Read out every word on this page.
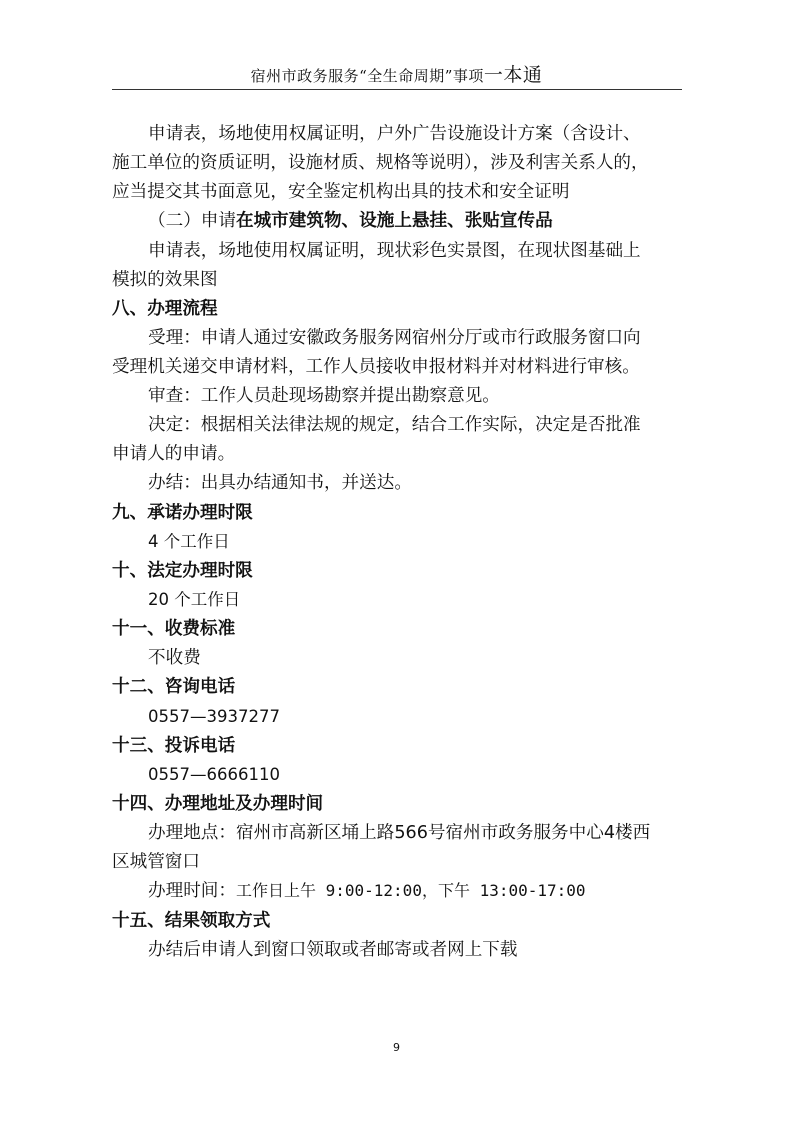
宿州市政务服务“全生命周期”事项一本通
申请表，场地使用权属证明，户外广告设施设计方案（含设计、
施工单位的资质证明，设施材质、规格等说明），涉及利害关系人的，
应当提交其书面意见，安全鉴定机构出具的技术和安全证明
（二）申请在城市建筑物、设施上悬挂、张贴宣传品
申请表，场地使用权属证明，现状彩色实景图，在现状图基础上
模拟的效果图
八、办理流程
受理：申请人通过安徽政务服务网宿州分厅或市行政服务窗口向
受理机关递交申请材料，工作人员接收申报材料并对材料进行审核。
审查：工作人员赴现场勘察并提出勘察意见。
决定：根据相关法律法规的规定，结合工作实际，决定是否批准
申请人的申请。
办结：出具办结通知书，并送达。
九、承诺办理时限
4 个工作日
十、法定办理时限
20 个工作日
十一、收费标准
不收费
十二、咨询电话
0557—3937277
十三、投诉电话
0557—6666110
十四、办理地址及办理时间
办理地点：宿州市高新区埇上路566号宿州市政务服务中心4楼西
区城管窗口
办理时间：工作日上午 9:00-12:00，下午 13:00-17:00
十五、结果领取方式
办结后申请人到窗口领取或者邮寄或者网上下载
9
